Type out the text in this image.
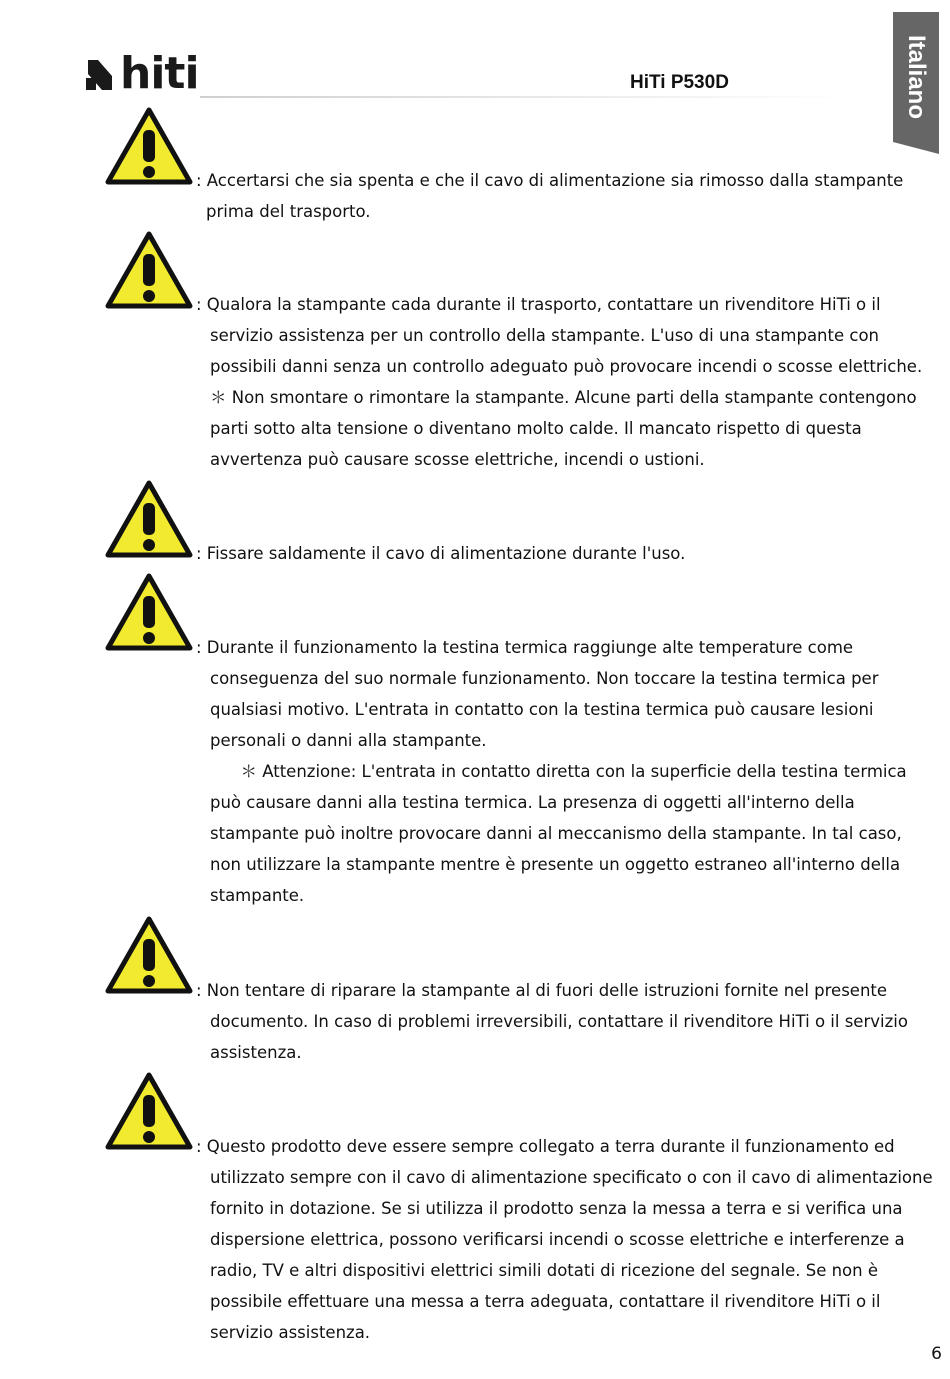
hiti	HiTi P530D	Italiano

: Accertarsi che sia spenta e che il cavo di alimentazione sia rimosso dalla stampante

prima del trasporto.

: Qualora la stampante cada durante il trasporto, contattare un rivenditore HiTi o il

servizio assistenza per un controllo della stampante. L'uso di una stampante con

possibili danni senza un controllo adeguato può provocare incendi o scosse elettriche.

＊ Non smontare o rimontare la stampante. Alcune parti della stampante contengono

parti sotto alta tensione o diventano molto calde. Il mancato rispetto di questa

avvertenza può causare scosse elettriche, incendi o ustioni.

: Fissare saldamente il cavo di alimentazione durante l'uso.

: Durante il funzionamento la testina termica raggiunge alte temperature come

conseguenza del suo normale funzionamento. Non toccare la testina termica per

qualsiasi motivo. L'entrata in contatto con la testina termica può causare lesioni

personali o danni alla stampante.

＊ Attenzione: L'entrata in contatto diretta con la superficie della testina termica

può causare danni alla testina termica. La presenza di oggetti all'interno della

stampante può inoltre provocare danni al meccanismo della stampante. In tal caso,

non utilizzare la stampante mentre è presente un oggetto estraneo all'interno della

stampante.

: Non tentare di riparare la stampante al di fuori delle istruzioni fornite nel presente

documento. In caso di problemi irreversibili, contattare il rivenditore HiTi o il servizio

assistenza.

: Questo prodotto deve essere sempre collegato a terra durante il funzionamento ed

utilizzato sempre con il cavo di alimentazione specificato o con il cavo di alimentazione

fornito in dotazione. Se si utilizza il prodotto senza la messa a terra e si verifica una

dispersione elettrica, possono verificarsi incendi o scosse elettriche e interferenze a

radio, TV e altri dispositivi elettrici simili dotati di ricezione del segnale. Se non è

possibile effettuare una messa a terra adeguata, contattare il rivenditore HiTi o il

servizio assistenza.

6
